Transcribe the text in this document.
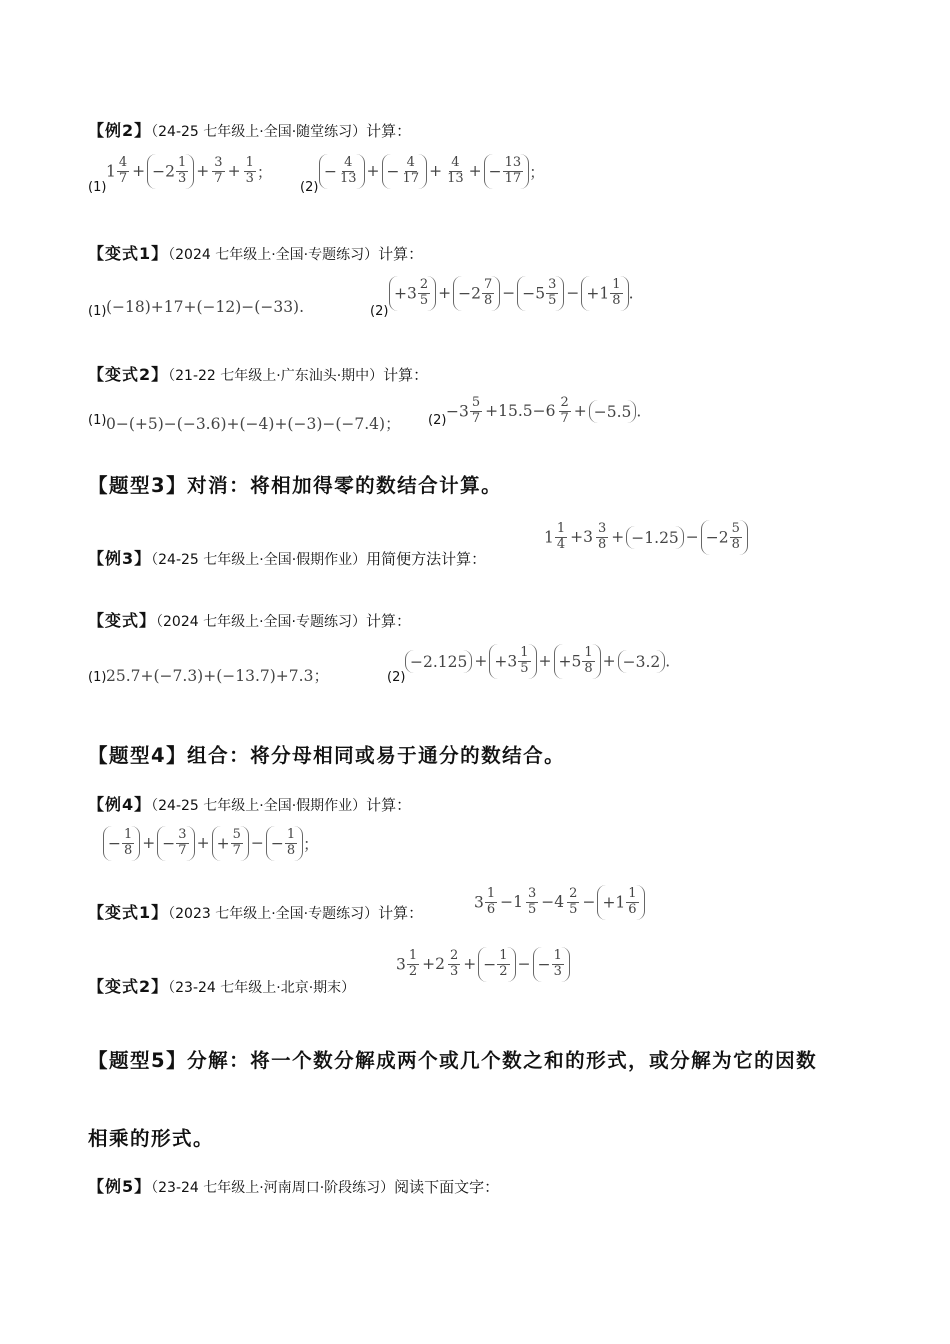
【例2】（24-25 七年级上·全国·随堂练习）计算：
(1)
$1 \frac{4}{7} + -2 \frac{1}{3} + \frac{3}{7} + \frac{1}{3}$ ；
(2)
− $\frac{4}{13}$ + − $\frac{4}{17} + \frac{4}{13}$ + − $\frac{13}{17}$ ；
【变式1】（2024 七年级上·全国·专题练习）计算：
(1) (−18)+17+(−12)−(−33).	(2)
$+3 \frac{2}{5} + -2 \frac{7}{8} - -5 \frac{3}{5} - +1 \frac{1}{8}$ .
【变式2】（21-22 七年级上·广东汕头·期中）计算：
(1) 0−(+5)−(−3.6)+(−4)+(−3)−(−7.4)； (2)
$-3 \frac{5}{7} +15.5-6 \frac{2}{7} + -5.5$ .
【题型3】对消：将相加得零的数结合计算。
【例3】（24-25 七年级上·全国·假期作业）用简便方法计算：
$1 \frac{1}{4} +3 \frac{3}{8} + -1.25 - -2 \frac{5}{8}$
【变式】（2024 七年级上·全国·专题练习）计算：
(1) 25.7+(−7.3)+(−13.7)+7.3；	(2)
$-2.125 + +3 \frac{1}{5} + +5 \frac{1}{8} + -3.2$ .
【题型4】组合：将分母相同或易于通分的数结合。
【例4】（24-25 七年级上·全国·假期作业）计算：
− $\frac{1}{8}$ + − $\frac{3}{7}$ + + $\frac{5}{7}$ − − $\frac{1}{8}$ ；
【变式1】（2023 七年级上·全国·专题练习）计算：
$3 \frac{1}{6} -1 \frac{3}{5} -4 \frac{2}{5} - +1 \frac{1}{6}$
【变式2】（23-24 七年级上·北京·期末）
$3 \frac{1}{2} +2 \frac{2}{3}$ + − $\frac{1}{2}$ − − $\frac{1}{3}$
【题型5】分解：将一个数分解成两个或几个数之和的形式，或分解为它的因数
相乘的形式。
【例5】（23-24 七年级上·河南周口·阶段练习）阅读下面文字：
